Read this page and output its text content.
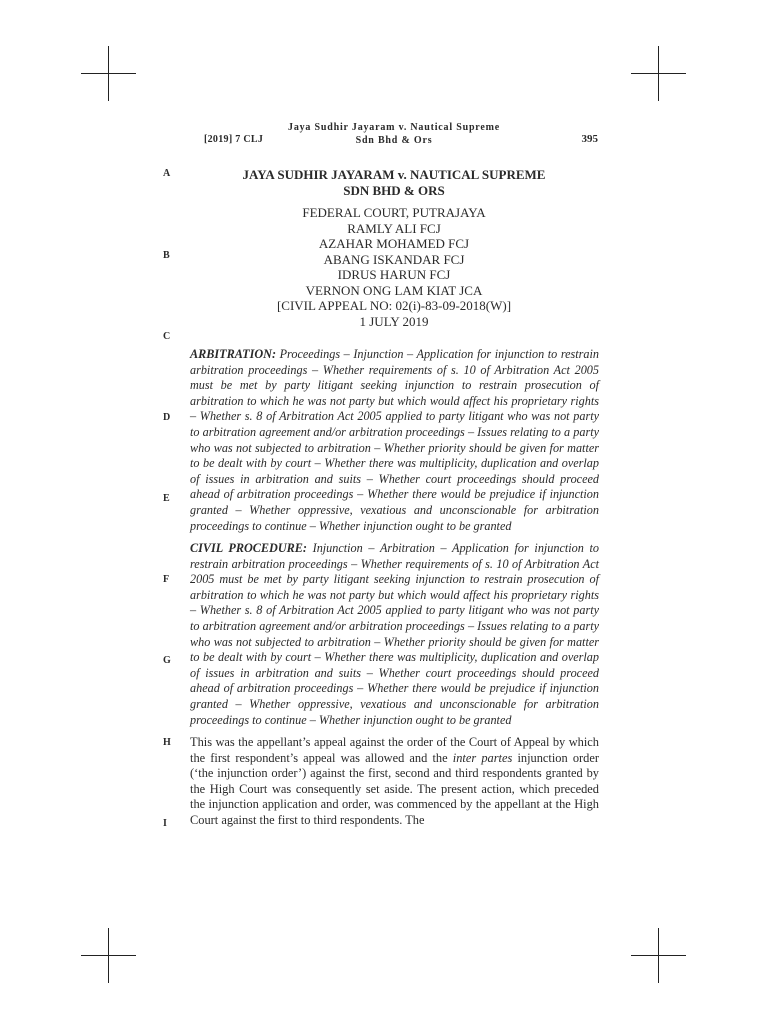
[2019] 7 CLJ
Jaya Sudhir Jayaram v. Nautical Supreme
Sdn Bhd & Ors	395
A
B
C
D
E
F
G
H
I
JAYA SUDHIR JAYARAM v. NAUTICAL SUPREME
SDN BHD & ORS
FEDERAL COURT, PUTRAJAYA
RAMLY ALI FCJ
AZAHAR MOHAMED FCJ
ABANG ISKANDAR FCJ
IDRUS HARUN FCJ
VERNON ONG LAM KIAT JCA
[CIVIL APPEAL NO: 02(i)-83-09-2018(W)]
1 JULY 2019
ARBITRATION: Proceedings – Injunction – Application for injunction to restrain arbitration proceedings – Whether requirements of s. 10 of Arbitration Act 2005 must be met by party litigant seeking injunction to restrain prosecution of arbitration to which he was not party but which would affect his proprietary rights – Whether s. 8 of Arbitration Act 2005 applied to party litigant who was not party to arbitration agreement and/or arbitration proceedings – Issues relating to a party who was not subjected to arbitration – Whether priority should be given for matter to be dealt with by court – Whether there was multiplicity, duplication and overlap of issues in arbitration and suits – Whether court proceedings should proceed ahead of arbitration proceedings – Whether there would be prejudice if injunction granted – Whether oppressive, vexatious and unconscionable for arbitration proceedings to continue – Whether injunction ought to be granted
CIVIL PROCEDURE: Injunction – Arbitration – Application for injunction to restrain arbitration proceedings – Whether requirements of s. 10 of Arbitration Act 2005 must be met by party litigant seeking injunction to restrain prosecution of arbitration to which he was not party but which would affect his proprietary rights – Whether s. 8 of Arbitration Act 2005 applied to party litigant who was not party to arbitration agreement and/or arbitration proceedings – Issues relating to a party who was not subjected to arbitration – Whether priority should be given for matter to be dealt with by court – Whether there was multiplicity, duplication and overlap of issues in arbitration and suits – Whether court proceedings should proceed ahead of arbitration proceedings – Whether there would be prejudice if injunction granted – Whether oppressive, vexatious and unconscionable for arbitration proceedings to continue – Whether injunction ought to be granted
This was the appellant’s appeal against the order of the Court of Appeal by which the first respondent’s appeal was allowed and the inter partes injunction order (‘the injunction order’) against the first, second and third respondents granted by the High Court was consequently set aside. The present action, which preceded the injunction application and order, was commenced by the appellant at the High Court against the first to third respondents. The
